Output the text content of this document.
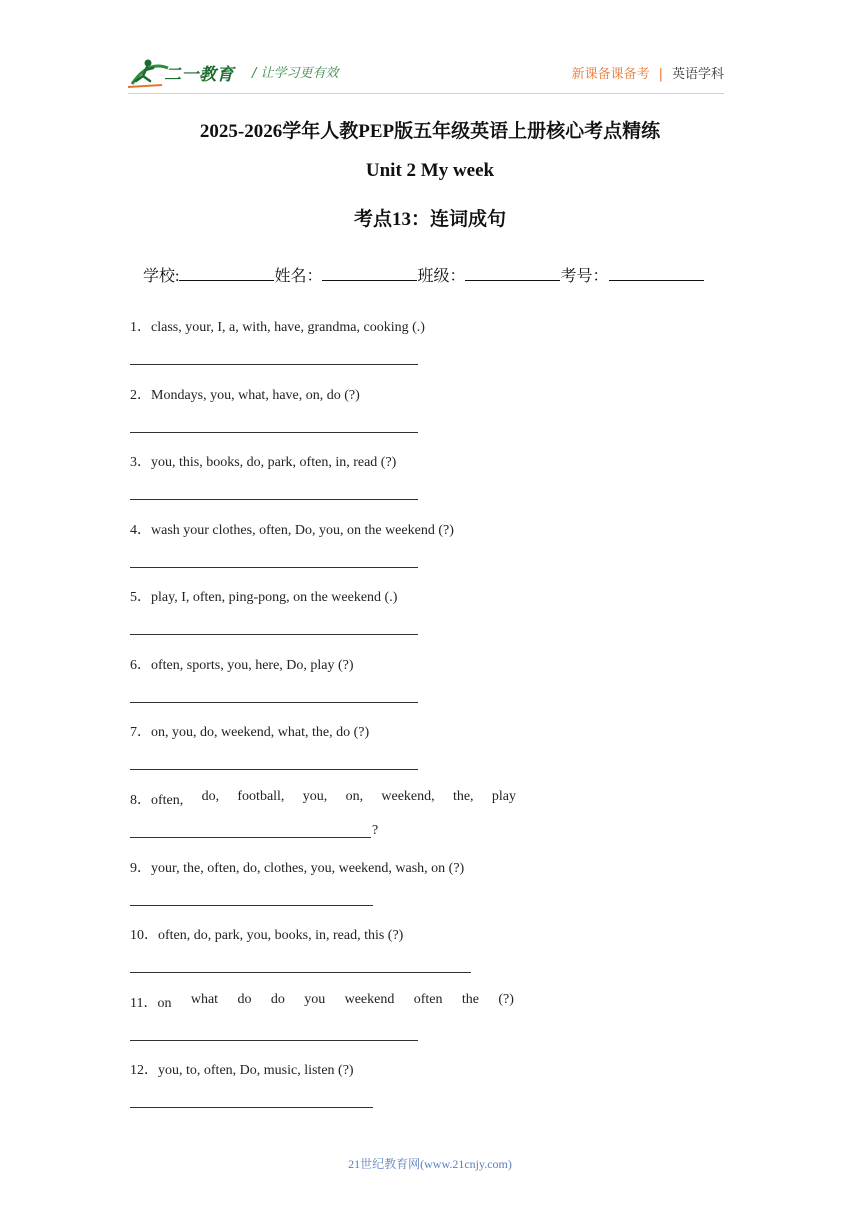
二一教育 / 让学习更有效	新课备课备考 | 英语学科
2025-2026学年人教PEP版五年级英语上册核心考点精练
Unit 2 My week
考点13：连词成句
学校:	姓名：	班级：	考号：
1．class, your, I, a, with, have, grandma, cooking (.)
2．Mondays, you, what, have, on, do (?)
3．you, this, books, do, park, often, in, read (?)
4．wash your clothes, often, Do, you, on the weekend (?)
5．play, I, often, ping-pong, on the weekend (.)
6．often, sports, you, here, Do, play (?)
7．on, you, do, weekend, what, the, do (?)
8．often, do, football, you, on, weekend, the, play
?
9．your, the, often, do, clothes, you, weekend, wash, on (?)
10．often, do, park, you, books, in, read, this (?)
11．on what do do you weekend often the (?)
12．you, to, often, Do, music, listen (?)
21世纪教育网(www.21cnjy.com)
